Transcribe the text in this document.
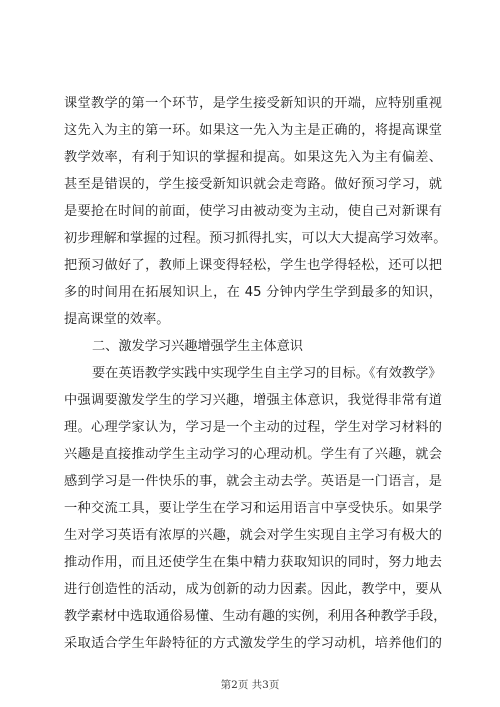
课堂教学的第一个环节，是学生接受新知识的开端，应特别重视
这先入为主的第一环。如果这一先入为主是正确的，将提高课堂
教学效率，有利于知识的掌握和提高。如果这先入为主有偏差、
甚至是错误的，学生接受新知识就会走弯路。做好预习学习，就
是要抢在时间的前面，使学习由被动变为主动，使自己对新课有
初步理解和掌握的过程。预习抓得扎实，可以大大提高学习效率。
把预习做好了，教师上课变得轻松，学生也学得轻松，还可以把
多的时间用在拓展知识上，在 45 分钟内学生学到最多的知识，
提高课堂的效率。
二、激发学习兴趣增强学生主体意识
要在英语教学实践中实现学生自主学习的目标。《有效教学》
中强调要激发学生的学习兴趣，增强主体意识，我觉得非常有道
理。心理学家认为，学习是一个主动的过程，学生对学习材料的
兴趣是直接推动学生主动学习的心理动机。学生有了兴趣，就会
感到学习是一件快乐的事，就会主动去学。英语是一门语言，是
一种交流工具，要让学生在学习和运用语言中享受快乐。如果学
生对学习英语有浓厚的兴趣，就会对学生实现自主学习有极大的
推动作用，而且还使学生在集中精力获取知识的同时，努力地去
进行创造性的活动，成为创新的动力因素。因此，教学中，要从
教学素材中选取通俗易懂、生动有趣的实例，利用各种教学手段，
采取适合学生年龄特征的方式激发学生的学习动机，培养他们的
第2页 共3页
